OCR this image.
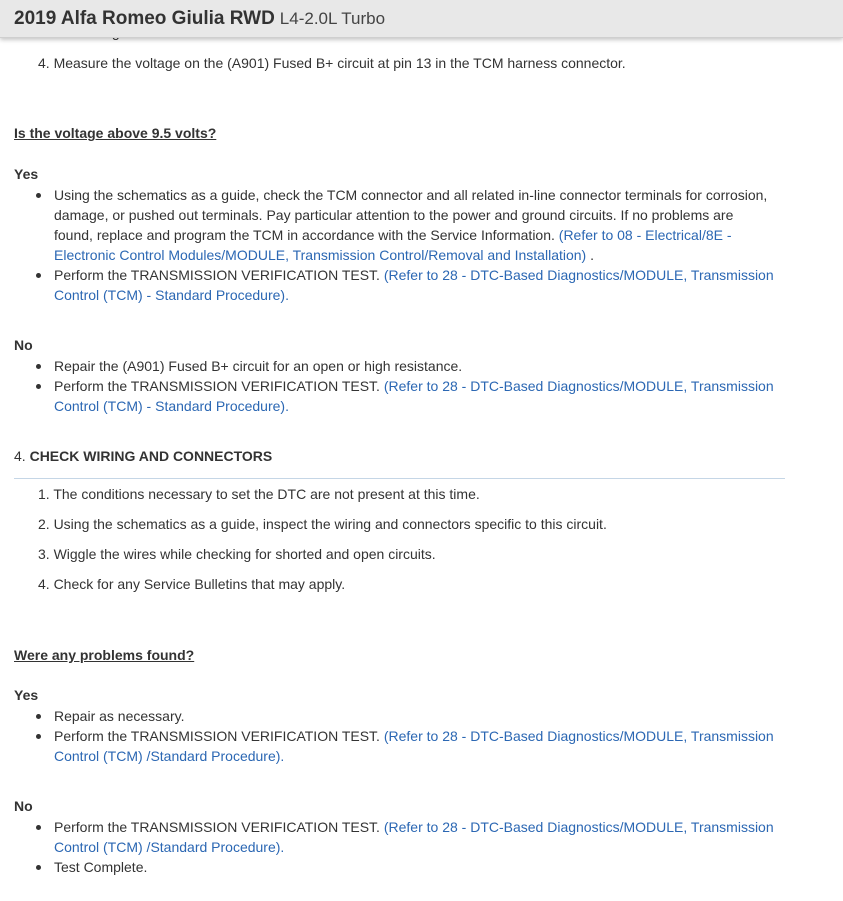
2019 Alfa Romeo Giulia RWD L4-2.0L Turbo
4. Measure the voltage on the (A901) Fused B+ circuit at pin 13 in the TCM harness connector.
Is the voltage above 9.5 volts?
Yes
Using the schematics as a guide, check the TCM connector and all related in-line connector terminals for corrosion,
damage, or pushed out terminals. Pay particular attention to the power and ground circuits. If no problems are
found, replace and program the TCM in accordance with the Service Information. (Refer to 08 - Electrical/8E -
Electronic Control Modules/MODULE, Transmission Control/Removal and Installation) .
Perform the TRANSMISSION VERIFICATION TEST. (Refer to 28 - DTC-Based Diagnostics/MODULE, Transmission
Control (TCM) - Standard Procedure).
No
Repair the (A901) Fused B+ circuit for an open or high resistance.
Perform the TRANSMISSION VERIFICATION TEST. (Refer to 28 - DTC-Based Diagnostics/MODULE, Transmission
Control (TCM) - Standard Procedure).
4. CHECK WIRING AND CONNECTORS
1. The conditions necessary to set the DTC are not present at this time.
2. Using the schematics as a guide, inspect the wiring and connectors specific to this circuit.
3. Wiggle the wires while checking for shorted and open circuits.
4. Check for any Service Bulletins that may apply.
Were any problems found?
Yes
Repair as necessary.
Perform the TRANSMISSION VERIFICATION TEST. (Refer to 28 - DTC-Based Diagnostics/MODULE, Transmission
Control (TCM) /Standard Procedure).
No
Perform the TRANSMISSION VERIFICATION TEST. (Refer to 28 - DTC-Based Diagnostics/MODULE, Transmission
Control (TCM) /Standard Procedure).
Test Complete.
